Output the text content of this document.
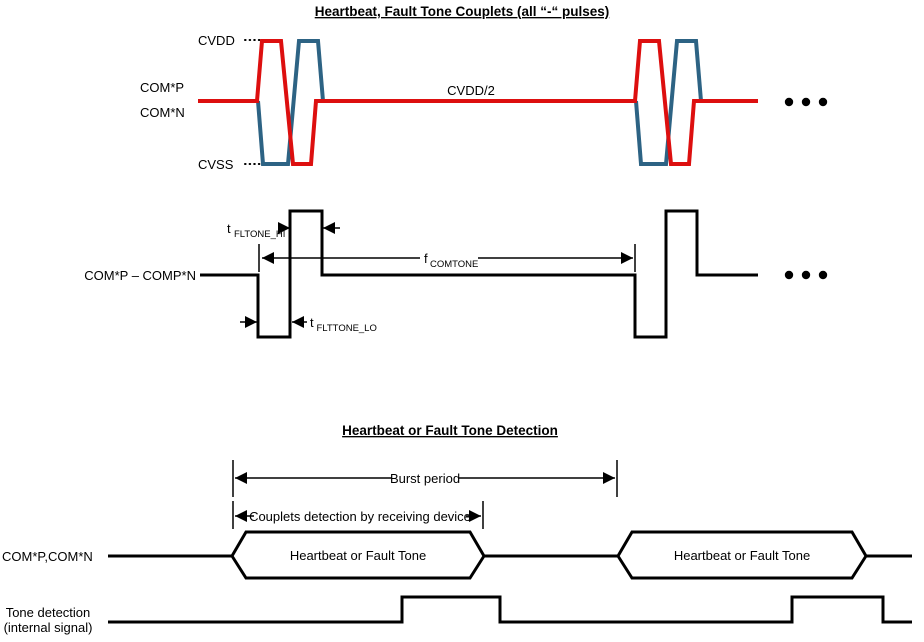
Heartbeat, Fault Tone Couplets (all “-“ pulses)
CVDD
CVSS
COM*P
COM*N
CVDD/2
COM*P – COMP*N
t FLTONE_HI
f COMTONE
t FLTTONE_LO
Heartbeat or Fault Tone Detection
Burst period
Couplets detection by receiving device
COM*P,COM*N	Heartbeat or Fault Tone	Heartbeat or Fault Tone
Tone detection
(internal signal)
